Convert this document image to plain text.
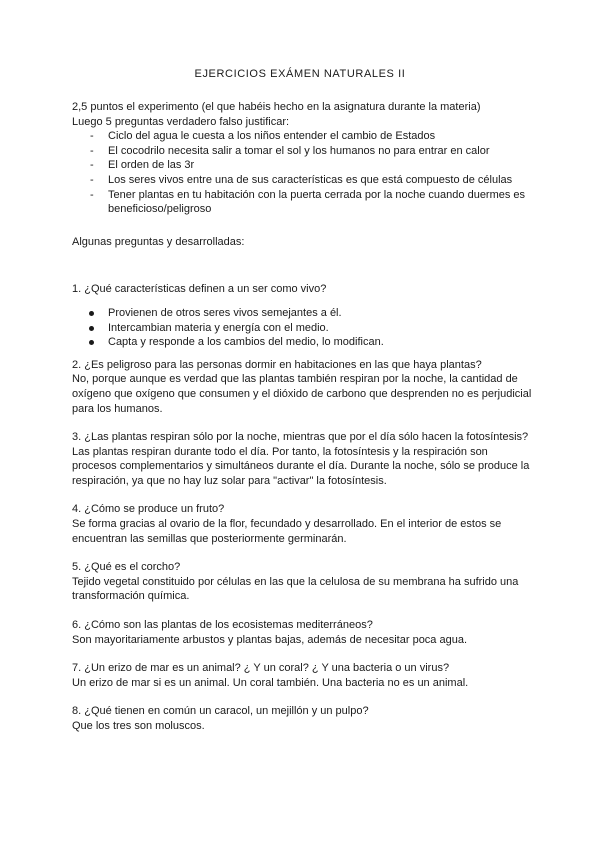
EJERCICIOS EXÁMEN NATURALES II

2,5 puntos el experimento (el que habéis hecho en la asignatura durante la materia)

Luego 5 preguntas verdadero falso justificar:

- Ciclo del agua le cuesta a los niños entender el cambio de Estados
- El cocodrilo necesita salir a tomar el sol y los humanos no para entrar en calor
- El orden de las 3r
- Los seres vivos entre una de sus características es que está compuesto de células
- Tener plantas en tu habitación con la puerta cerrada por la noche cuando duermes es beneficioso/peligroso

Algunas preguntas y desarrolladas:

1. ¿Qué características definen a un ser como vivo?

Provienen de otros seres vivos semejantes a él.
Intercambian materia y energía con el medio.
Capta y responde a los cambios del medio, lo modifican.

2. ¿Es peligroso para las personas dormir en habitaciones en las que haya plantas?

No, porque aunque es verdad que las plantas también respiran por la noche, la cantidad de oxígeno que oxígeno que consumen y el dióxido de carbono que desprenden no es perjudicial para los humanos.

3. ¿Las plantas respiran sólo por la noche, mientras que por el día sólo hacen la fotosíntesis?

Las plantas respiran durante todo el día. Por tanto, la fotosíntesis y la respiración son procesos complementarios y simultáneos durante el día. Durante la noche, sólo se produce la respiración, ya que no hay luz solar para "activar" la fotosíntesis.

4. ¿Cómo se produce un fruto?

Se forma gracias al ovario de la flor, fecundado y desarrollado. En el interior de estos se encuentran las semillas que posteriormente germinarán.

5. ¿Qué es el corcho?

Tejido vegetal constituido por células en las que la celulosa de su membrana ha sufrido una transformación química.

6. ¿Cómo son las plantas de los ecosistemas mediterráneos?

Son mayoritariamente arbustos y plantas bajas, además de necesitar poca agua.

7. ¿Un erizo de mar es un animal? ¿ Y un coral? ¿ Y una bacteria o un virus?

Un erizo de mar si es un animal. Un coral también. Una bacteria no es un animal.

8. ¿Qué tienen en común un caracol, un mejillón y un pulpo?

Que los tres son moluscos.
